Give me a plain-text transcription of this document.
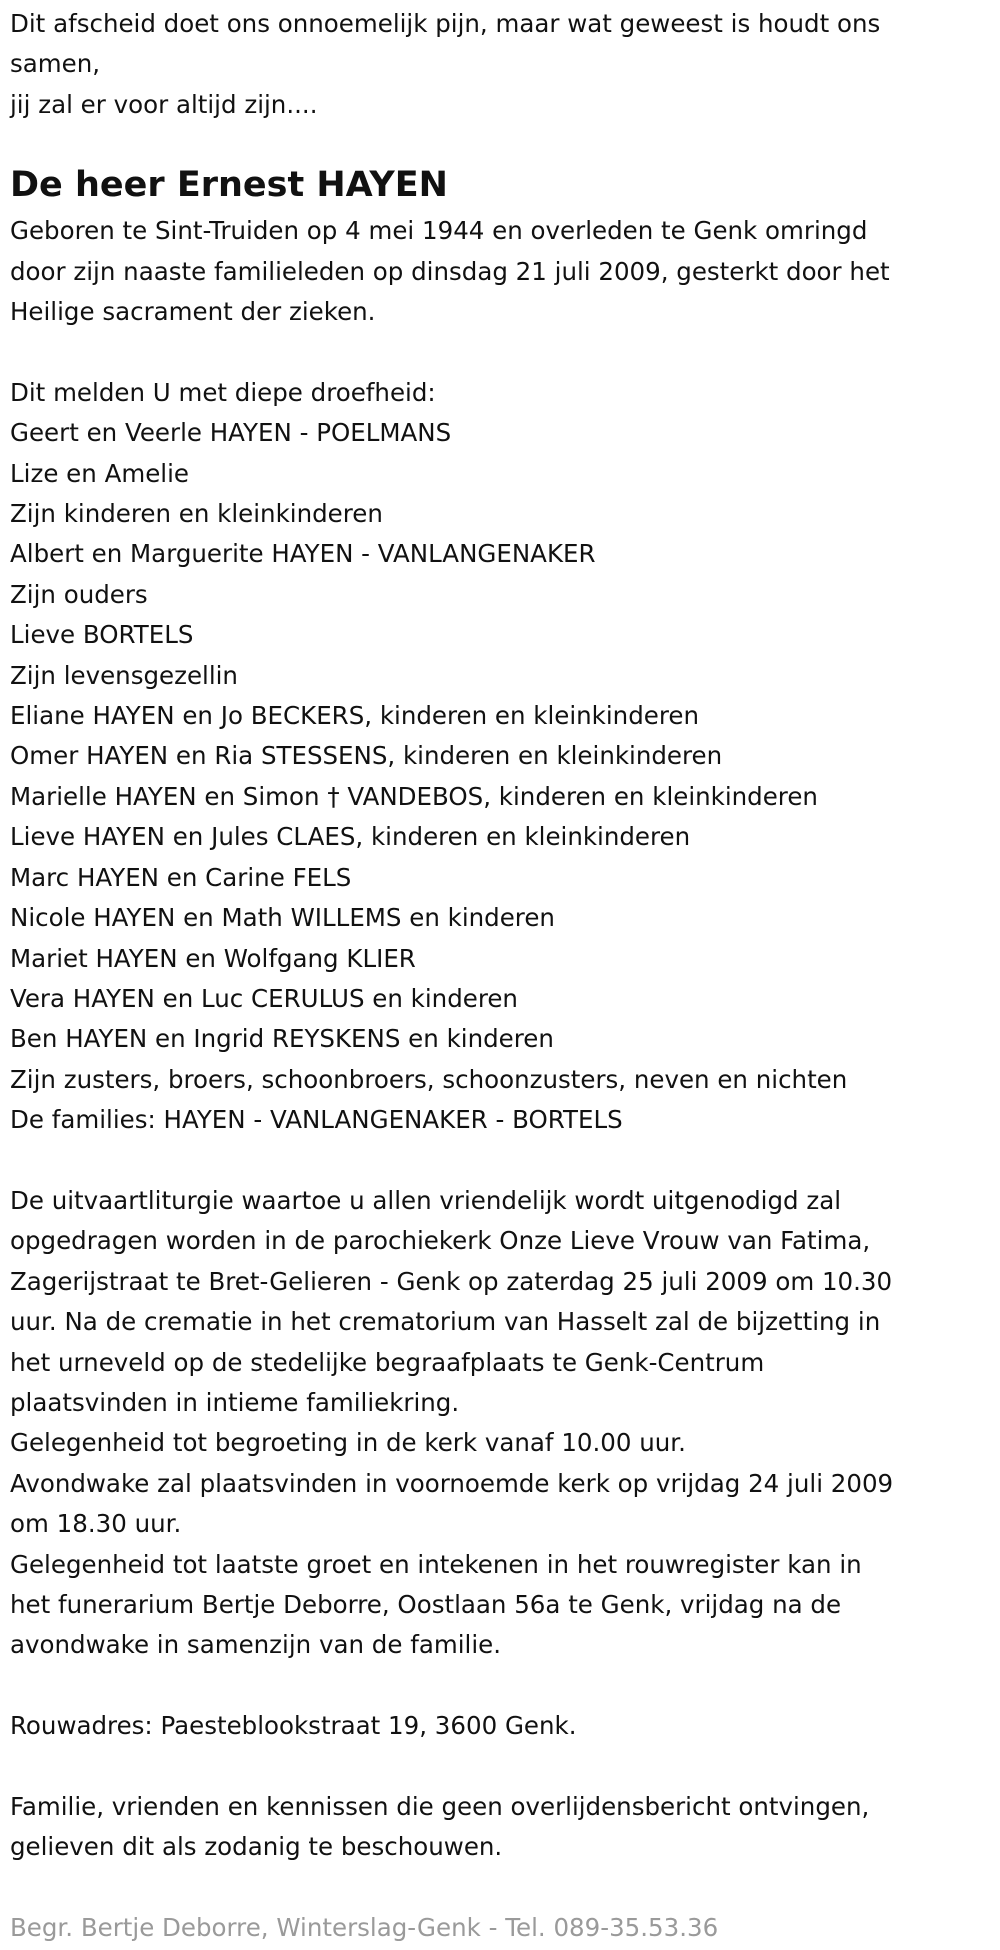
Dit afscheid doet ons onnoemelijk pijn, maar wat geweest is houdt ons

samen,

jij zal er voor altijd zijn....

De heer Ernest HAYEN

Geboren te Sint-Truiden op 4 mei 1944 en overleden te Genk omringd

door zijn naaste familieleden op dinsdag 21 juli 2009, gesterkt door het

Heilige sacrament der zieken.

Dit melden U met diepe droefheid:

Geert en Veerle HAYEN - POELMANS

Lize en Amelie

Zijn kinderen en kleinkinderen

Albert en Marguerite HAYEN - VANLANGENAKER

Zijn ouders

Lieve BORTELS

Zijn levensgezellin

Eliane HAYEN en Jo BECKERS, kinderen en kleinkinderen

Omer HAYEN en Ria STESSENS, kinderen en kleinkinderen

Marielle HAYEN en Simon † VANDEBOS, kinderen en kleinkinderen

Lieve HAYEN en Jules CLAES, kinderen en kleinkinderen

Marc HAYEN en Carine FELS

Nicole HAYEN en Math WILLEMS en kinderen

Mariet HAYEN en Wolfgang KLIER

Vera HAYEN en Luc CERULUS en kinderen

Ben HAYEN en Ingrid REYSKENS en kinderen

Zijn zusters, broers, schoonbroers, schoonzusters, neven en nichten

De families: HAYEN - VANLANGENAKER - BORTELS

De uitvaartliturgie waartoe u allen vriendelijk wordt uitgenodigd zal

opgedragen worden in de parochiekerk Onze Lieve Vrouw van Fatima,

Zagerijstraat te Bret-Gelieren - Genk op zaterdag 25 juli 2009 om 10.30

uur. Na de crematie in het crematorium van Hasselt zal de bijzetting in

het urneveld op de stedelijke begraafplaats te Genk-Centrum

plaatsvinden in intieme familiekring.

Gelegenheid tot begroeting in de kerk vanaf 10.00 uur.

Avondwake zal plaatsvinden in voornoemde kerk op vrijdag 24 juli 2009

om 18.30 uur.

Gelegenheid tot laatste groet en intekenen in het rouwregister kan in

het funerarium Bertje Deborre, Oostlaan 56a te Genk, vrijdag na de

avondwake in samenzijn van de familie.

Rouwadres: Paesteblookstraat 19, 3600 Genk.

Familie, vrienden en kennissen die geen overlijdensbericht ontvingen,

gelieven dit als zodanig te beschouwen.

Begr. Bertje Deborre, Winterslag-Genk - Tel. 089-35.53.36
